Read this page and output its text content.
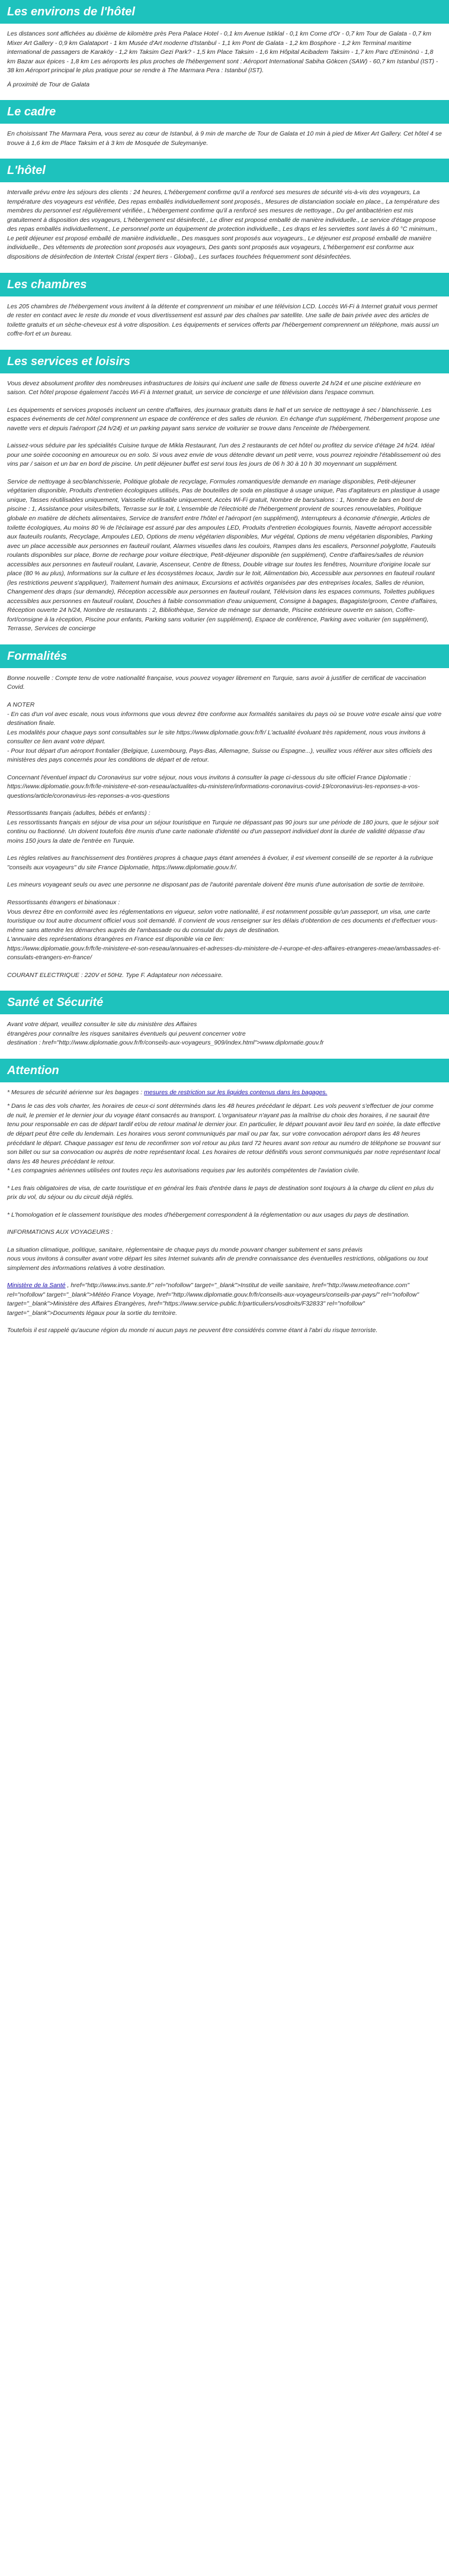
Les environs de l'hôtel

Les distances sont affichées au dixième de kilomètre près Pera Palace Hotel - 0,1 km Avenue Istiklal - 0,1 km Corne d'Or - 0,7 km Tour de Galata - 0,7 km Mixer Art Gallery - 0,9 km Galataport - 1 km Musée d'Art moderne d'Istanbul - 1,1 km Pont de Galata - 1,2 km Bosphore - 1,2 km Terminal maritime international de passagers de Karaköy - 1,2 km Taksim Gezi Park? - 1,5 km Place Taksim - 1,6 km Hôpital Acibadem Taksim - 1,7 km Parc d'Eminönü - 1,8 km Bazar aux épices - 1,8 km Les aéroports les plus proches de l'hébergement sont : Aéroport International Sabiha Gökcen (SAW) - 60,7 km Istanbul (IST) - 38 km Aéroport principal le plus pratique pour se rendre à The Marmara Pera : Istanbul (IST).

À proximité de Tour de Galata

Le cadre

En choisissant The Marmara Pera, vous serez au cœur de Istanbul, à 9 min de marche de Tour de Galata et 10 min à pied de Mixer Art Gallery. Cet hôtel 4 se trouve à 1,6 km de Place Taksim et à 3 km de Mosquée de Suleymaniye.

L'hôtel

Intervalle prévu entre les séjours des clients : 24 heures, L'hébergement confirme qu'il a renforcé ses mesures de sécurité vis-à-vis des voyageurs, La température des voyageurs est vérifiée, Des repas emballés individuellement sont proposés., Mesures de distanciation sociale en place., La température des membres du personnel est régulièrement vérifiée., L'hébergement confirme qu'il a renforcé ses mesures de nettoyage., Du gel antibactérien est mis gratuitement à disposition des voyageurs, L'hébergement est désinfecté., Le dîner est proposé emballé de manière individuelle., Le service d'étage propose des repas emballés individuellement., Le personnel porte un équipement de protection individuelle., Les draps et les serviettes sont lavés à 60 °C minimum., Le petit déjeuner est proposé emballé de manière individuelle., Des masques sont proposés aux voyageurs., Le déjeuner est proposé emballé de manière individuelle., Des vêtements de protection sont proposés aux voyageurs, Des gants sont proposés aux voyageurs, L'hébergement est conforme aux dispositions de désinfection de Intertek Cristal (expert tiers - Global)., Les surfaces touchées fréquemment sont désinfectées.

Les chambres

Les 205 chambres de l'hébergement vous invitent à la détente et comprennent un minibar et une télévision LCD. Loccès Wi-Fi à Internet gratuit vous permet de rester en contact avec le reste du monde et vous divertissement est assuré par des chaînes par satellite. Une salle de bain privée avec des articles de toilette gratuits et un sèche-cheveux est à votre disposition. Les équipements et services offerts par l'hébergement comprennent un téléphone, mais aussi un coffre-fort et un bureau.

Les services et loisirs

Vous devez absolument profiter des nombreuses infrastructures de loisirs qui incluent une salle de fitness ouverte 24 h/24 et une piscine extérieure en saison. Cet hôtel propose également l'accès Wi-Fi à Internet gratuit, un service de concierge et une télévision dans l'espace commun.

Les équipements et services proposés incluent un centre d'affaires, des journaux gratuits dans le hall et un service de nettoyage à sec / blanchisserie. Les espaces événements de cet hôtel comprennent un espace de conférence et des salles de réunion. En échange d'un supplément, l'hébergement propose une navette vers et depuis l'aéroport (24 h/24) et un parking payant sans service de voiturier se trouve dans l'enceinte de l'hébergement.

Laissez-vous séduire par les spécialités Cuisine turque de Mikla Restaurant, l'un des 2 restaurants de cet hôtel ou profitez du service d'étage 24 h/24. Idéal pour une soirée cocooning en amoureux ou en solo. Si vous avez envie de vous détendre devant un petit verre, vous pourrez rejoindre l'établissement où des vins par / saison et un bar en bord de piscine. Un petit déjeuner buffet est servi tous les jours de 06 h 30 à 10 h 30 moyennant un supplément.

Service de nettoyage à sec/blanchisserie, Politique globale de recyclage, Formules romantiques/de demande en mariage disponibles, Petit-déjeuner végétarien disponible, Produits d'entretien écologiques utilisés, Pas de bouteilles de soda en plastique à usage unique, Pas d'agitateurs en plastique à usage unique, Tasses réutilisables uniquement, Vaisselle réutilisable uniquement, Accès Wi-Fi gratuit, Nombre de bars/salons : 1, Nombre de bars en bord de piscine : 1, Assistance pour visites/billets, Terrasse sur le toit, L'ensemble de l'électricité de l'hébergement provient de sources renouvelables, Politique globale en matière de déchets alimentaires, Service de transfert entre l'hôtel et l'aéroport (en supplément), Interrupteurs à économie d'énergie, Articles de toilette écologiques, Au moins 80 % de l'éclairage est assuré par des ampoules LED, Produits d'entretien écologiques fournis, Navette aéroport accessible aux fauteuils roulants, Recyclage, Ampoules LED, Options de menu végétarien disponibles, Mur végétal, Options de menu végétarien disponibles, Parking avec un place accessible aux personnes en fauteuil roulant, Alarmes visuelles dans les couloirs, Rampes dans les escaliers, Personnel polyglotte, Fauteuils roulants disponibles sur place, Borne de recharge pour voiture électrique, Petit-déjeuner disponible (en supplément), Centre d'affaires/salles de réunion accessibles aux personnes en fauteuil roulant, Lavarie, Ascenseur, Centre de fitness, Double vitrage sur toutes les fenêtres, Nourriture d'origine locale sur place (80 % au plus), Informations sur la culture et les écosystèmes locaux, Jardin sur le toit, Alimentation bio, Accessible aux personnes en fauteuil roulant (les restrictions peuvent s'appliquer), Traitement humain des animaux, Excursions et activités organisées par des entreprises locales, Salles de réunion, Changement des draps (sur demande), Réception accessible aux personnes en fauteuil roulant, Télévision dans les espaces communs, Toilettes publiques accessibles aux personnes en fauteuil roulant, Douches à faible consommation d'eau uniquement, Consigne à bagages, Bagagiste/groom, Centre d'affaires, Réception ouverte 24 h/24, Nombre de restaurants : 2, Bibliothèque, Service de ménage sur demande, Piscine extérieure ouverte en saison, Coffre-fort/consigne à la réception, Piscine pour enfants, Parking sans voiturier (en supplément), Espace de conférence, Parking avec voiturier (en supplément), Terrasse, Services de concierge

Formalités

Bonne nouvelle : Compte tenu de votre nationalité française, vous pouvez voyager librement en Turquie, sans avoir à justifier de certificat de vaccination Covid.

A NOTER
- En cas d'un vol avec escale, nous vous informons que vous devrez être conforme aux formalités sanitaires du pays où se trouve votre escale ainsi que votre destination finale.
Les modalités pour chaque pays sont consultables sur le site https://www.diplomatie.gouv.fr/fr/ L'actualité évoluant très rapidement, nous vous invitons à consulter ce lien avant votre départ.
- Pour tout départ d'un aéroport frontalier (Belgique, Luxembourg, Pays-Bas, Allemagne, Suisse ou Espagne...), veuillez vous référer aux sites officiels des ministères des pays concernés pour les conditions de départ et de retour.

Concernant l'éventuel impact du Coronavirus sur votre séjour, nous vous invitons à consulter la page ci-dessous du site officiel France Diplomatie :
https://www.diplomatie.gouv.fr/fr/le-ministere-et-son-reseau/actualites-du-ministere/informations-coronavirus-covid-19/coronavirus-les-reponses-a-vos-questions/article/coronavirus-les-reponses-a-vos-questions

Ressortissants français (adultes, bébés et enfants) :
Les ressortissants français en séjour de visa pour un séjour touristique en Turquie ne dépassant pas 90 jours sur une période de 180 jours, que le séjour soit continu ou fractionné. Un doivent toutefois être munis d'une carte nationale d'identité ou d'un passeport individuel dont la durée de validité dépasse d'au moins 150 jours la date de l'entrée en Turquie.

Les règles relatives au franchissement des frontières propres à chaque pays étant amenées à évoluer, il est vivement conseillé de se reporter à la rubrique "conseils aux voyageurs" du site France Diplomatie, https://www.diplomatie.gouv.fr/.

Les mineurs voyageant seuls ou avec une personne ne disposant pas de l'autorité parentale doivent être munis d'une autorisation de sortie de territoire.

Ressortissants étrangers et binationaux :
Vous devrez être en conformité avec les réglementations en vigueur, selon votre nationalité, il est notamment possible qu'un passeport, un visa, une carte touristique ou tout autre document officiel vous soit demandé. Il convient de vous renseigner sur les délais d'obtention de ces documents et d'effectuer vous-même sans attendre les démarches auprès de l'ambassade ou du consulat du pays de destination.
L'annuaire des représentations étrangères en France est disponible via ce lien:
https://www.diplomatie.gouv.fr/fr/le-ministere-et-son-reseau/annuaires-et-adresses-du-ministere-de-l-europe-et-des-affaires-etrangeres-meae/ambassades-et-consulats-etrangers-en-france/

COURANT ELECTRIQUE : 220V et 50Hz. Type F. Adaptateur non nécessaire.

Santé et Sécurité

Avant votre départ, veuillez consulter le site du ministère des Affaires
étrangères pour connaître les risques sanitaires éventuels qui peuvent concerner votre
destination : href="http://www.diplomatie.gouv.fr/fr/conseils-aux-voyageurs_909/index.html">www.diplomatie.gouv.fr

Attention

* Mesures de sécurité aérienne sur les bagages : mesures de restriction sur les liquides contenus dans les bagages.

* Dans le cas des vols charter, les horaires de ceux-ci sont déterminés dans les 48 heures précédant le départ. Les vols peuvent s'effectuer de jour comme de nuit, le premier et le dernier jour du voyage étant consacrés au transport. L'organisateur n'ayant pas la maîtrise du choix des horaires, il ne saurait être tenu pour responsable en cas de départ tardif et/ou de retour matinal le dernier jour. En particulier, le départ pouvant avoir lieu tard en soirée, la date effective de départ peut être celle du lendemain. Les horaires vous seront communiqués par mail ou par fax, sur votre convocation aéroport dans les 48 heures précédant le départ. Chaque passager est tenu de reconfirmer son vol retour au plus tard 72 heures avant son retour au numéro de téléphone se trouvant sur son billet ou sur sa convocation ou auprès de notre représentant local. Les horaires de retour définitifs vous seront communiqués par notre représentant local dans les 48 heures précédant le retour.
* Les compagnies aériennes utilisées ont toutes reçu les autorisations requises par les autorités compétentes de l'aviation civile.

* Les frais obligatoires de visa, de carte touristique et en général les frais d'entrée dans le pays de destination sont toujours à la charge du client en plus du prix du vol, du séjour ou du circuit déjà réglés.

* L'homologation et le classement touristique des modes d'hébergement correspondent à la réglementation ou aux usages du pays de destination.

INFORMATIONS AUX VOYAGEURS :

La situation climatique, politique, sanitaire, réglementaire de chaque pays du monde pouvant changer subitement et sans préavis
nous vous invitons à consulter avant votre départ les sites Internet suivants afin de prendre connaissance des éventuelles restrictions, obligations ou tout simplement des informations relatives à votre destination.

Ministère de la Santé , href="http://www.invs.sante.fr" rel="nofollow" target="_blank">Institut de veille sanitaire, href="http://www.meteofrance.com" rel="nofollow" target="_blank">Météo France Voyage, href="http://www.diplomatie.gouv.fr/fr/conseils-aux-voyageurs/conseils-par-pays/" rel="nofollow" target="_blank">Ministère des Affaires Étrangères, href="https://www.service-public.fr/particuliers/vosdroits/F32833" rel="nofollow" target="_blank">Documents légaux pour la sortie du territoire.

Toutefois il est rappelé qu'aucune région du monde ni aucun pays ne peuvent être considérés comme étant à l'abri du risque terroriste.
